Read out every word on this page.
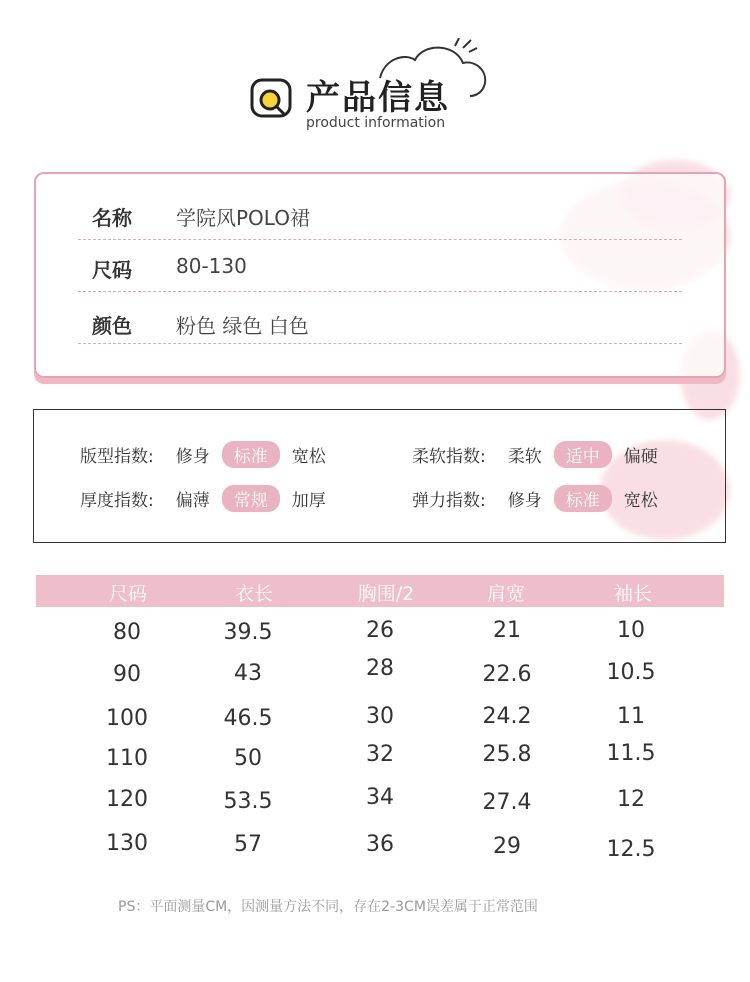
产品信息
product information
名称 学院风POLO裙
尺码 80-130
颜色 粉色 绿色 白色
版型指数: 修身	标准	宽松	柔软指数: 柔软	适中	偏硬
厚度指数: 偏薄	常规	加厚	弹力指数: 修身	标准	宽松
尺码	衣长	胸围/2	肩宽	袖长
80	39.5	26	21	10
90	43	28	22.6	10.5
100	46.5	30	24.2	11
110	50	32	25.8	11.5
120	53.5	34	27.4	12
130	57	36	29	12.5
PS：平面测量CM，因测量方法不同，存在2-3CM误差属于正常范围
